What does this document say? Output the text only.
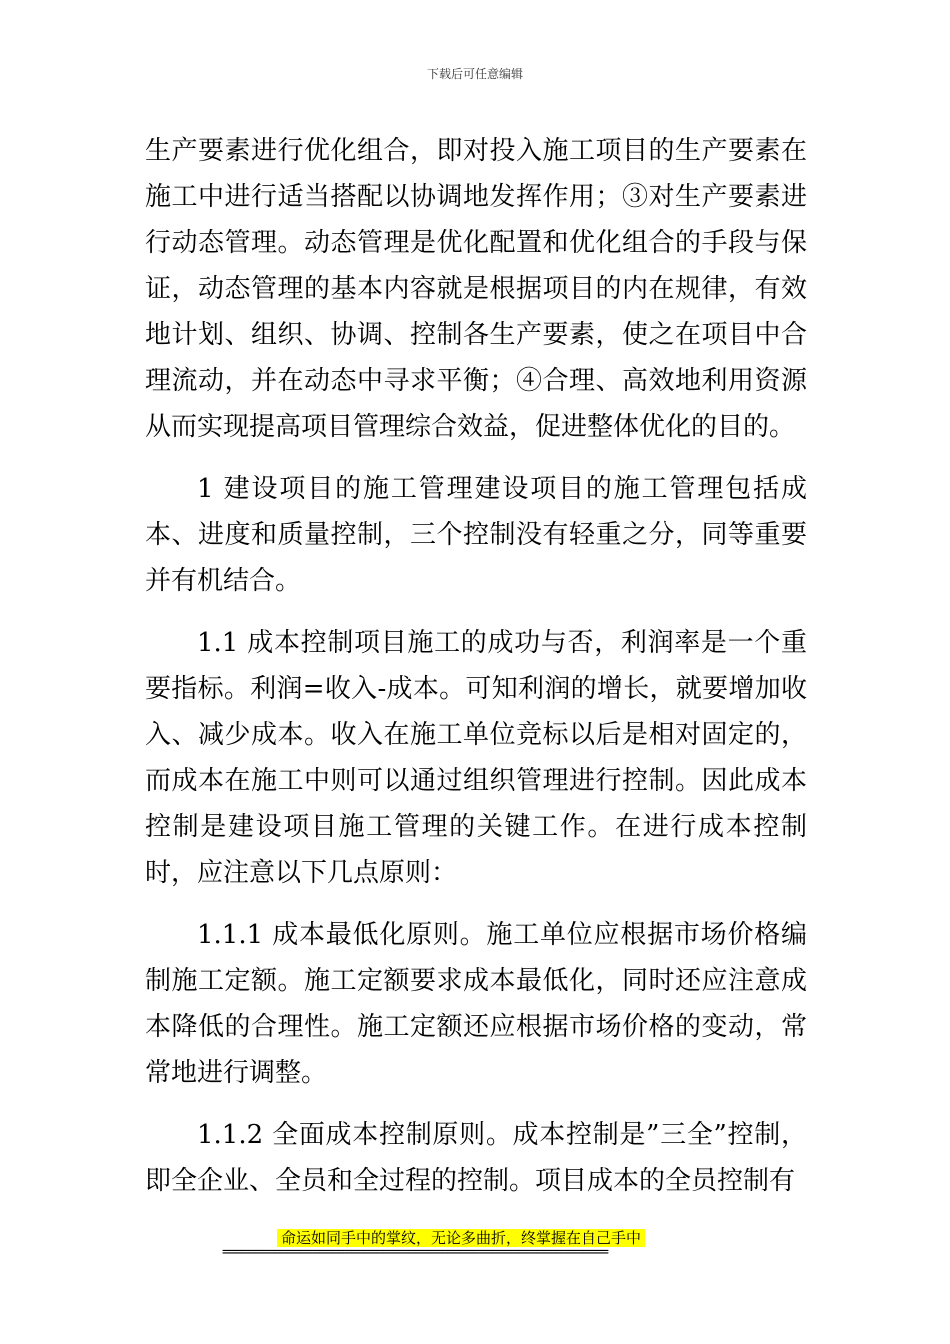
下载后可任意编辑

生产要素进行优化组合，即对投入施工项目的生产要素在施工中进行适当搭配以协调地发挥作用；③对生产要素进行动态管理。动态管理是优化配置和优化组合的手段与保证，动态管理的基本内容就是根据项目的内在规律，有效地计划、组织、协调、控制各生产要素，使之在项目中合理流动，并在动态中寻求平衡；④合理、高效地利用资源从而实现提高项目管理综合效益，促进整体优化的目的。

1 建设项目的施工管理建设项目的施工管理包括成本、进度和质量控制，三个控制没有轻重之分，同等重要并有机结合。

1.1 成本控制项目施工的成功与否，利润率是一个重要指标。利润=收入-成本。可知利润的增长，就要增加收入、减少成本。收入在施工单位竞标以后是相对固定的，而成本在施工中则可以通过组织管理进行控制。因此成本控制是建设项目施工管理的关键工作。在进行成本控制时，应注意以下几点原则：

1.1.1 成本最低化原则。施工单位应根据市场价格编制施工定额。施工定额要求成本最低化，同时还应注意成本降低的合理性。施工定额还应根据市场价格的变动，常常地进行调整。

1.1.2 全面成本控制原则。成本控制是”三全”控制，即全企业、全员和全过程的控制。项目成本的全员控制有

命运如同手中的掌纹，无论多曲折，终掌握在自己手中
============================================================
